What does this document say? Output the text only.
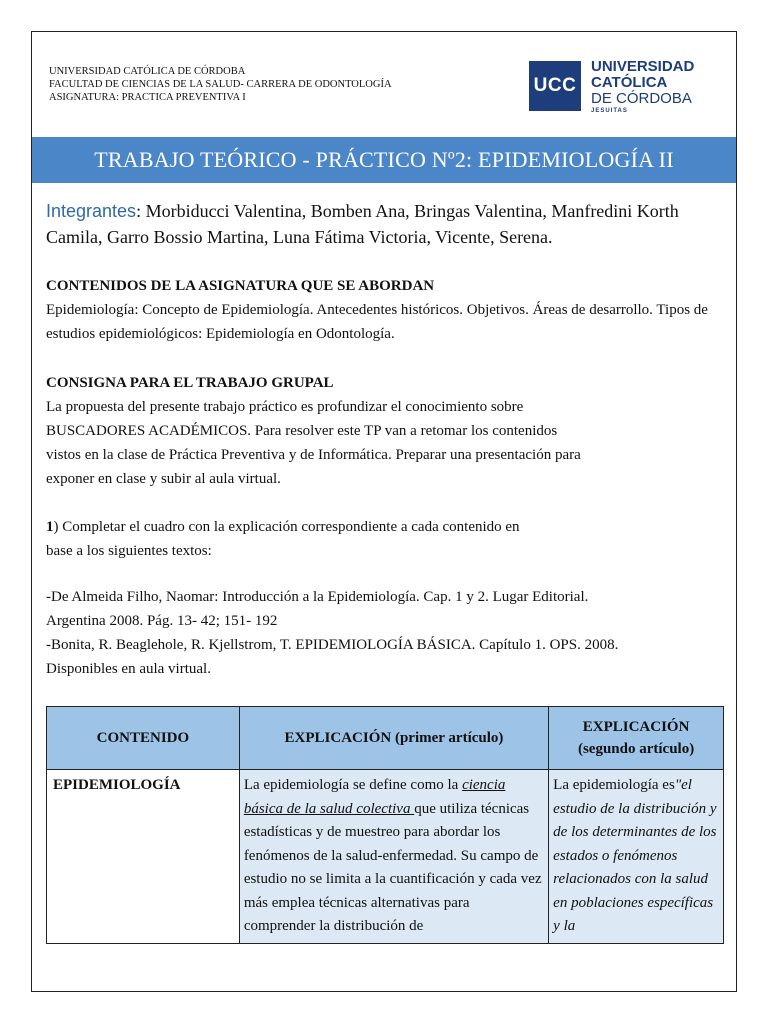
UNIVERSIDAD CATÓLICA DE CÓRDOBA
FACULTAD DE CIENCIAS DE LA SALUD- CARRERA DE ODONTOLOGÍA
ASIGNATURA: PRACTICA PREVENTIVA I
UCC
UNIVERSIDAD
CATÓLICA
DE CÓRDOBA
JESUITAS
TRABAJO TEÓRICO - PRÁCTICO Nº2: EPIDEMIOLOGÍA II
Integrantes: Morbiducci Valentina, Bomben Ana, Bringas Valentina, Manfredini Korth Camila, Garro Bossio Martina, Luna Fátima Victoria, Vicente, Serena.
CONTENIDOS DE LA ASIGNATURA QUE SE ABORDAN

Epidemiología: Concepto de Epidemiología. Antecedentes históricos. Objetivos. Áreas de desarrollo. Tipos de estudios epidemiológicos: Epidemiología en Odontología.

CONSIGNA PARA EL TRABAJO GRUPAL

La propuesta del presente trabajo práctico es profundizar el conocimiento sobre

BUSCADORES ACADÉMICOS. Para resolver este TP van a retomar los contenidos

vistos en la clase de Práctica Preventiva y de Informática. Preparar una presentación para

exponer en clase y subir al aula virtual.

1) Completar el cuadro con la explicación correspondiente a cada contenido en

base a los siguientes textos:

-De Almeida Filho, Naomar: Introducción a la Epidemiología. Cap. 1 y 2. Lugar Editorial.

Argentina 2008. Pág. 13- 42; 151- 192

-Bonita, R. Beaglehole, R. Kjellstrom, T. EPIDEMIOLOGÍA BÁSICA. Capítulo 1. OPS. 2008.

Disponibles en aula virtual.

CONTENIDO	EXPLICACIÓN (primer artículo)	EXPLICACIÓN
(segundo artículo)

EPIDEMIOLOGÍA	La epidemiología se define como la ciencia básica de la salud colectiva que utiliza técnicas estadísticas y de muestreo para abordar los fenómenos de la salud-enfermedad. Su campo de estudio no se limita a la cuantificación y cada vez más emplea técnicas alternativas para comprender la distribución de	La epidemiología es"el estudio de la distribución y de los determinantes de los estados o fenómenos relacionados con la salud en poblaciones específicas y la
